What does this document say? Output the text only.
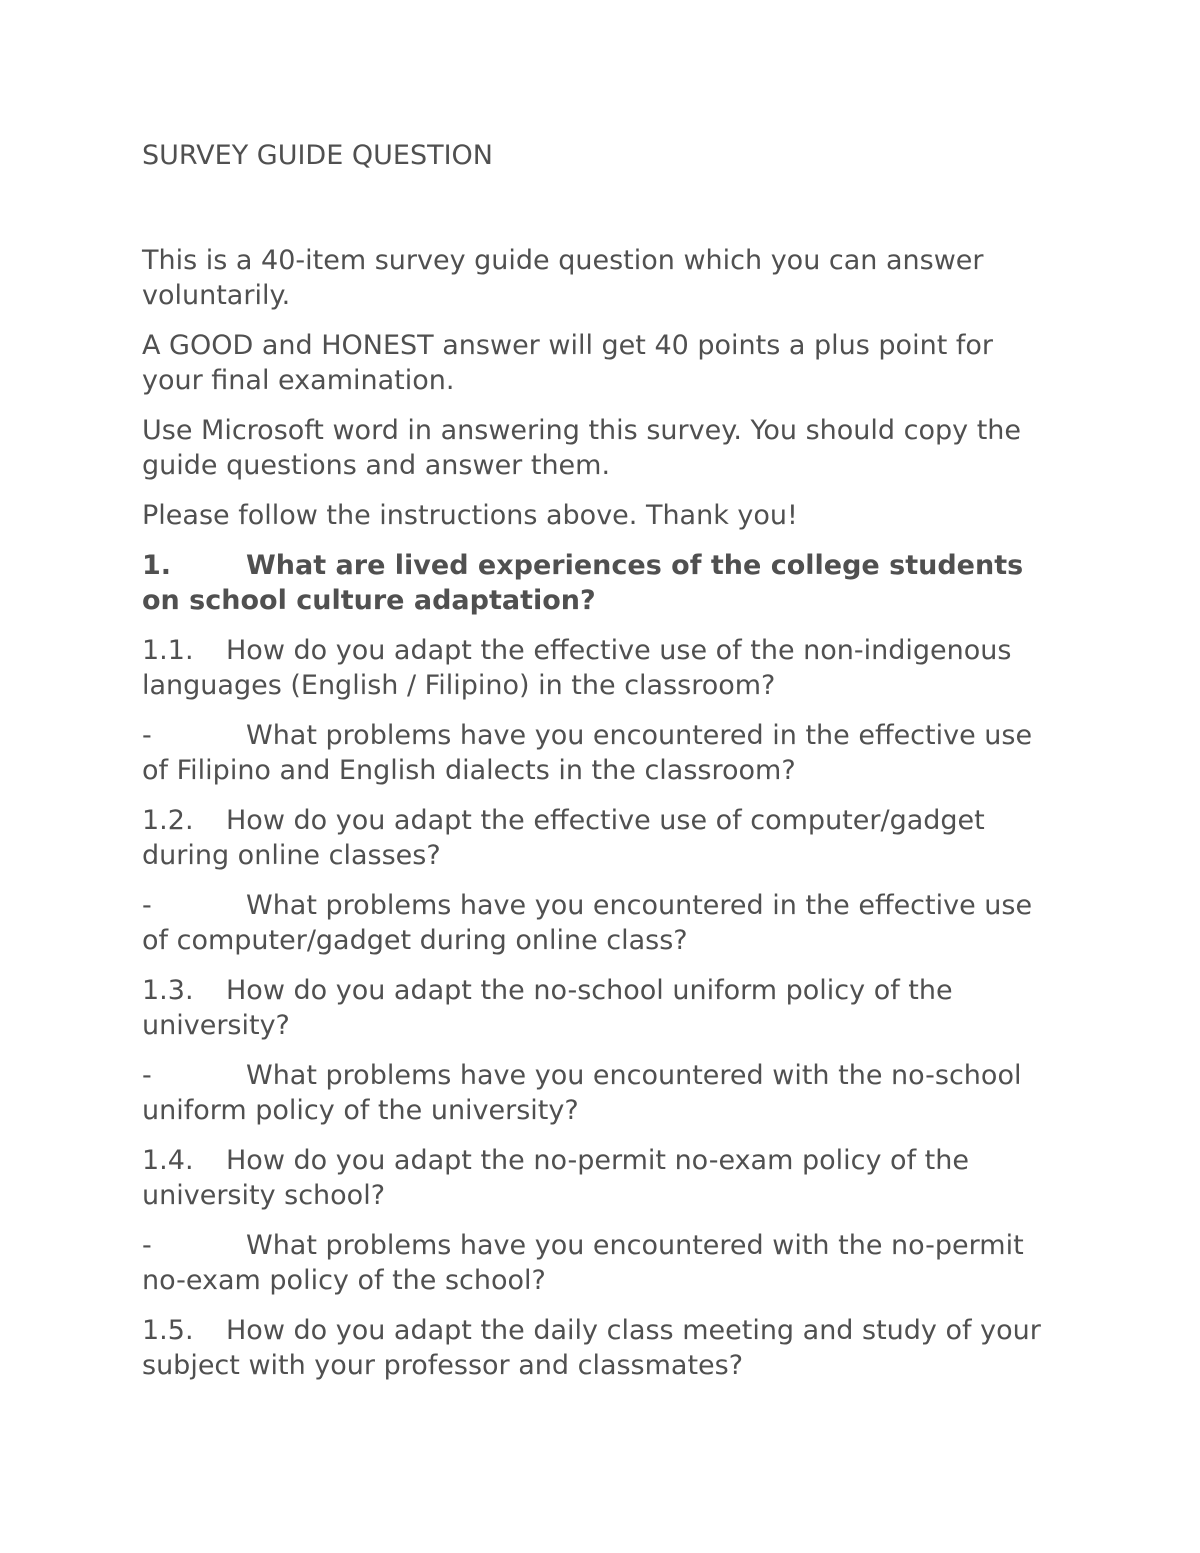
SURVEY GUIDE QUESTION

This is a 40-item survey guide question which you can answer voluntarily.

A GOOD and HONEST answer will get 40 points a plus point for your final examination.

Use Microsoft word in answering this survey. You should copy the guide questions and answer them.

Please follow the instructions above. Thank you!

1.	What are lived experiences of the college students on school culture adaptation?

1.1. How do you adapt the effective use of the non-indigenous languages (English / Filipino) in the classroom?

-	What problems have you encountered in the effective use of Filipino and English dialects in the classroom?

1.2. How do you adapt the effective use of computer/gadget during online classes?

-	What problems have you encountered in the effective use of computer/gadget during online class?

1.3. How do you adapt the no-school uniform policy of the university?

-	What problems have you encountered with the no-school uniform policy of the university?

1.4. How do you adapt the no-permit no-exam policy of the university school?

-	What problems have you encountered with the no-permit no-exam policy of the school?

1.5. How do you adapt the daily class meeting and study of your subject with your professor and classmates?
